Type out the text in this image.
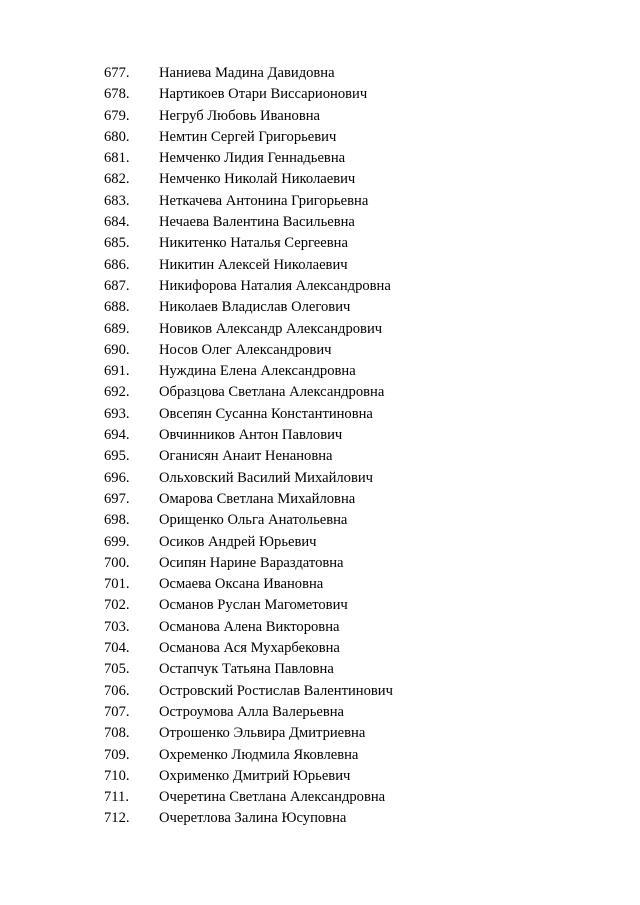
677.	Наниева Мадина Давидовна
678.	Нартикоев Отари Виссарионович
679.	Негруб Любовь Ивановна
680.	Немтин Сергей Григорьевич
681.	Немченко Лидия Геннадьевна
682.	Немченко Николай Николаевич
683.	Неткачева Антонина Григорьевна
684.	Нечаева Валентина Васильевна
685.	Никитенко Наталья Сергеевна
686.	Никитин Алексей Николаевич
687.	Никифорова Наталия Александровна
688.	Николаев Владислав Олегович
689.	Новиков Александр Александрович
690.	Носов Олег Александрович
691.	Нуждина Елена Александровна
692.	Образцова Светлана Александровна
693.	Овсепян Сусанна Константиновна
694.	Овчинников Антон Павлович
695.	Оганисян Анаит Ненановна
696.	Ольховский Василий Михайлович
697.	Омарова Светлана Михайловна
698.	Орищенко Ольга Анатольевна
699.	Осиков Андрей Юрьевич
700.	Осипян Нарине Вараздатовна
701.	Осмаева Оксана Ивановна
702.	Османов Руслан Магометович
703.	Османова Алена Викторовна
704.	Османова Ася Мухарбековна
705.	Остапчук Татьяна Павловна
706.	Островский Ростислав Валентинович
707.	Остроумова Алла Валерьевна
708.	Отрошенко Эльвира Дмитриевна
709.	Охременко Людмила Яковлевна
710.	Охрименко Дмитрий Юрьевич
711.	Очеретина Светлана Александровна
712.	Очеретлова Залина Юсуповна
